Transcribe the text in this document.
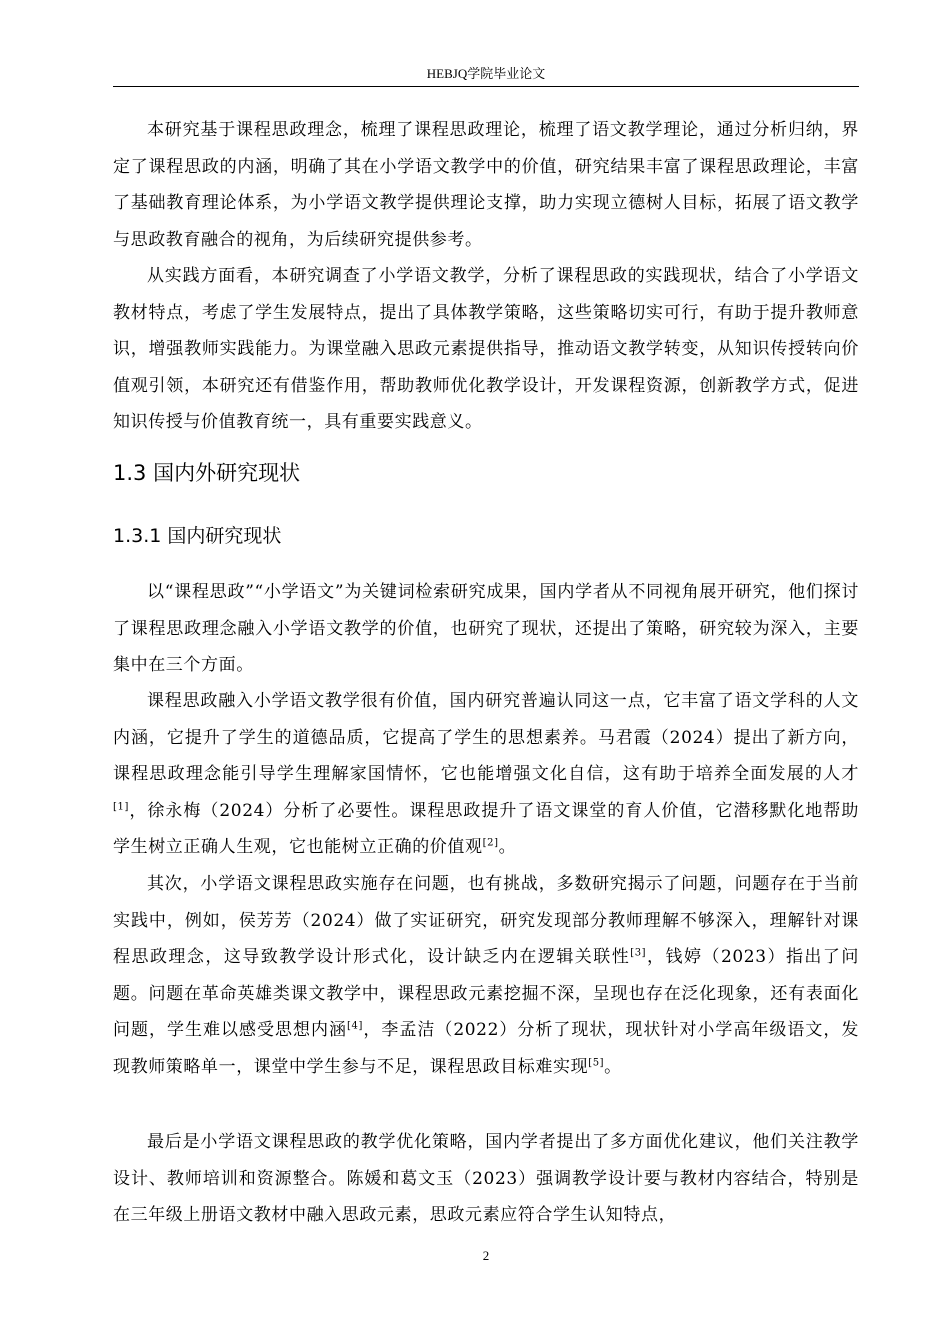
HEBJQ学院毕业论文

本研究基于课程思政理念，梳理了课程思政理论，梳理了语文教学理论，通过分析归纳，界定了课程思政的内涵，明确了其在小学语文教学中的价值，研究结果丰富了课程思政理论，丰富了基础教育理论体系，为小学语文教学提供理论支撑，助力实现立德树人目标，拓展了语文教学与思政教育融合的视角，为后续研究提供参考。

从实践方面看，本研究调查了小学语文教学，分析了课程思政的实践现状，结合了小学语文教材特点，考虑了学生发展特点，提出了具体教学策略，这些策略切实可行，有助于提升教师意识，增强教师实践能力。为课堂融入思政元素提供指导，推动语文教学转变，从知识传授转向价值观引领，本研究还有借鉴作用，帮助教师优化教学设计，开发课程资源，创新教学方式，促进知识传授与价值教育统一，具有重要实践意义。

1.3 国内外研究现状
1.3.1 国内研究现状

以“课程思政”“小学语文”为关键词检索研究成果，国内学者从不同视角展开研究，他们探讨了课程思政理念融入小学语文教学的价值，也研究了现状，还提出了策略，研究较为深入，主要集中在三个方面。

课程思政融入小学语文教学很有价值，国内研究普遍认同这一点，它丰富了语文学科的人文内涵，它提升了学生的道德品质，它提高了学生的思想素养。马君霞（2024）提出了新方向，课程思政理念能引导学生理解家国情怀，它也能增强文化自信，这有助于培养全面发展的人才[1]，徐永梅（2024）分析了必要性。课程思政提升了语文课堂的育人价值，它潜移默化地帮助学生树立正确人生观，它也能树立正确的价值观[2]。

其次，小学语文课程思政实施存在问题，也有挑战，多数研究揭示了问题，问题存在于当前实践中，例如，侯芳芳（2024）做了实证研究，研究发现部分教师理解不够深入，理解针对课程思政理念，这导致教学设计形式化，设计缺乏内在逻辑关联性[3]，钱婷（2023）指出了问题。问题在革命英雄类课文教学中，课程思政元素挖掘不深，呈现也存在泛化现象，还有表面化问题，学生难以感受思想内涵[4]，李孟洁（2022）分析了现状，现状针对小学高年级语文，发现教师策略单一，课堂中学生参与不足，课程思政目标难实现[5]。

最后是小学语文课程思政的教学优化策略，国内学者提出了多方面优化建议，他们关注教学设计、教师培训和资源整合。陈媛和葛文玉（2023）强调教学设计要与教材内容结合，特别是在三年级上册语文教材中融入思政元素，思政元素应符合学生认知特点，

2
